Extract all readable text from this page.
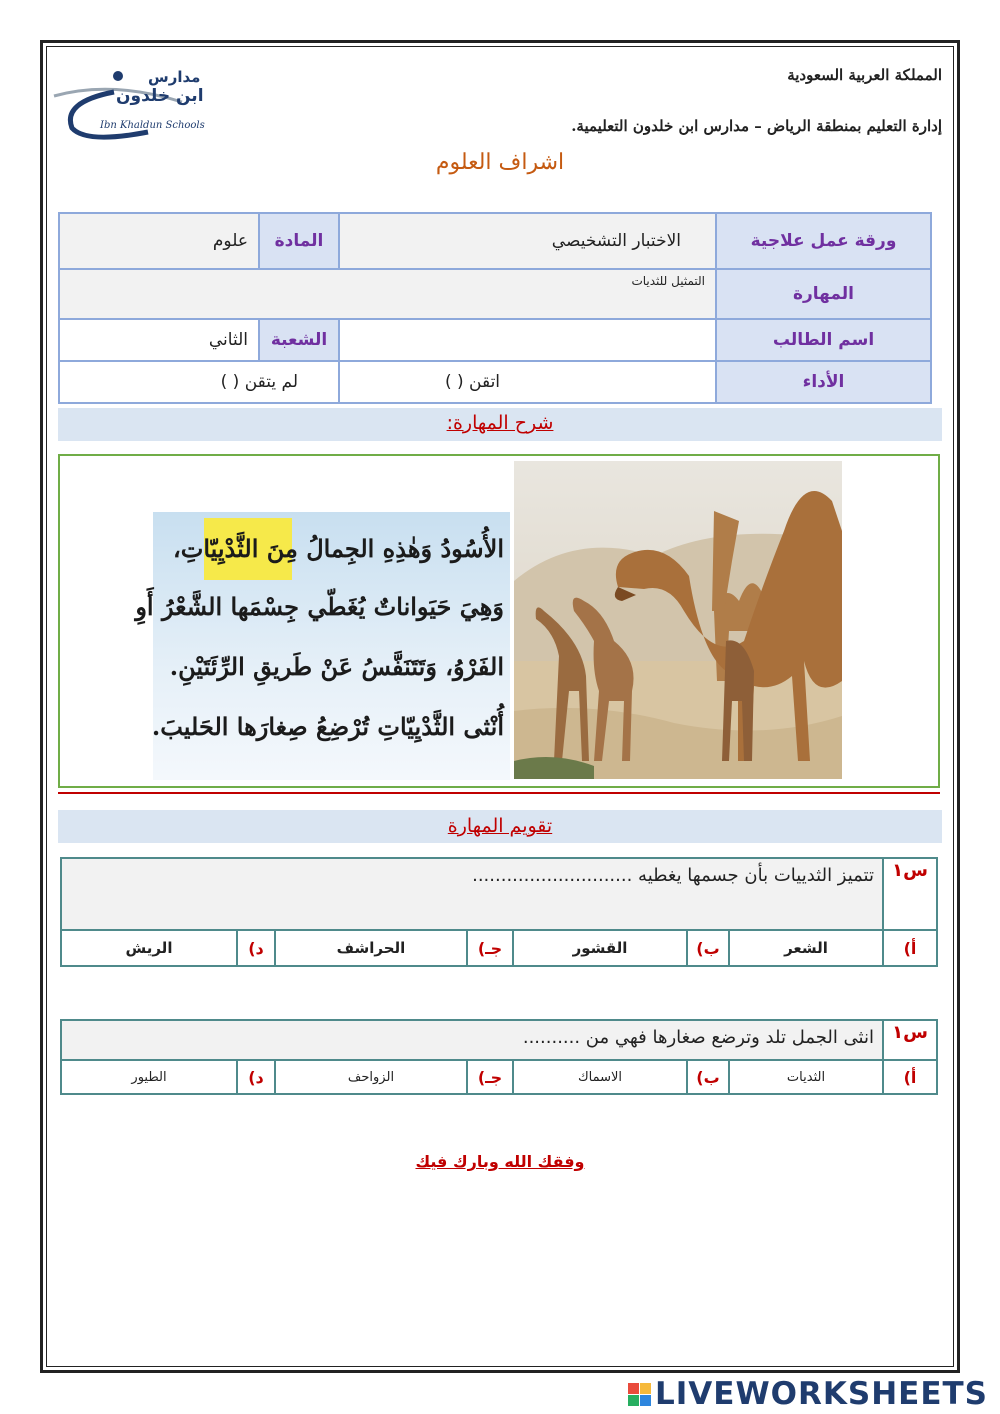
المملكة العربية السعودية
إدارة التعليم بمنطقة الرياض – مدارس ابن خلدون التعليمية.
اشراف العلوم
مدارس
ابن خلدون
Ibn Khaldun Schools
ورقة عمل علاجية	الاختبار التشخيصي	المادة	علوم
المهارة	التمثيل للثديات		
اسم الطالب		الشعبة	الثاني
الأداء	اتقن ( )	لم يتقن ( )	
شرح المهارة:
الأُسُودُ وَهٰذِهِ الجِمالُ مِنَ الثَّدْيِيّاتِ،
وَهِيَ حَيَواناتٌ يُغَطّي جِسْمَها الشَّعْرُ أَوِ
الفَرْوُ، وَتَتَنَفَّسُ عَنْ طَريقِ الرِّئَتَيْنِ.
أُنْثى الثَّدْيِيّاتِ تُرْضِعُ صِغارَها الحَليبَ.
تقويم المهارة
س١	تتميز الثدييات بأن جسمها يغطيه ............................						
أ)	الشعر	ب)	القشور	جـ)	الحراشف	د)	الريش
س١	انثى الجمل تلد وترضع صغارها فهي من ..........						
أ)	الثديات	ب)	الاسماك	جـ)	الزواحف	د)	الطيور
وفقك الله وبارك فيك
LIVEWORKSHEETS
